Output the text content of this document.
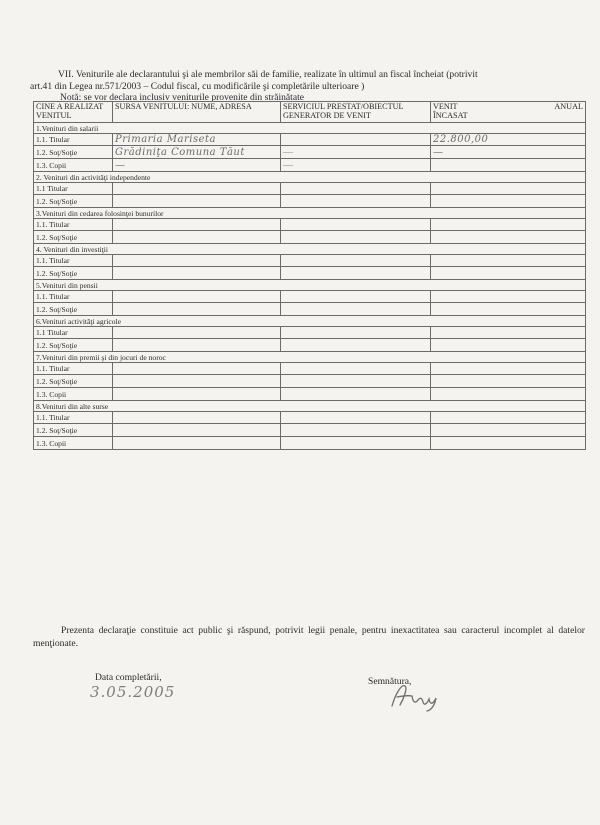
VII. Veniturile ale declarantului şi ale membrilor săi de familie, realizate în ultimul an fiscal încheiat (potrivit
art.41 din Legea nr.571/2003 – Codul fiscal, cu modificările şi completările ulterioare )
Notă: se vor declara inclusiv veniturile provenite din străinătate
CINE A REALIZAT VENITUL	SURSA VENITULUI: NUME, ADRESA	SERVICIUL PRESTAT/OBIECTUL GENERATOR DE VENIT	VENIT ANUAL
ÎNCASAT

1.Venituri din salarii			
1.1. Titular	Primaria Mariseta		22.800,00
1.2. Soţ/Soţie	Grădiniţa Comuna Tăut	—	—
1.3. Copii	—	—	
2. Venituri din activităţi independente			
1.1 Titular			
1.2. Soţ/Soţie			
3.Venituri din cedarea folosinţei bunurilor			
1.1. Titular			
1.2. Soţ/Soţie			
4. Venituri din investiţii			
1.1. Titular			
1.2. Soţ/Soţie			
5.Venituri din pensii			
1.1. Titular			
1.2. Soţ/Soţie			
6.Venituri activităţi agricole			
1.1 Titular			
1.2. Soţ/Soţie			
7.Venituri din premii şi din jocuri de noroc			
1.1. Titular			
1.2. Soţ/Soţie			
1.3. Copii			
8.Venituri din alte surse			
1.1. Titular			
1.2. Soţ/Soţie			
1.3. Copii			
Prezenta declaraţie constituie act public şi răspund, potrivit legii penale, pentru inexactitatea sau caracterul incomplet al datelor menţionate.
Data completării,
3.05.2005
Semnătura,
